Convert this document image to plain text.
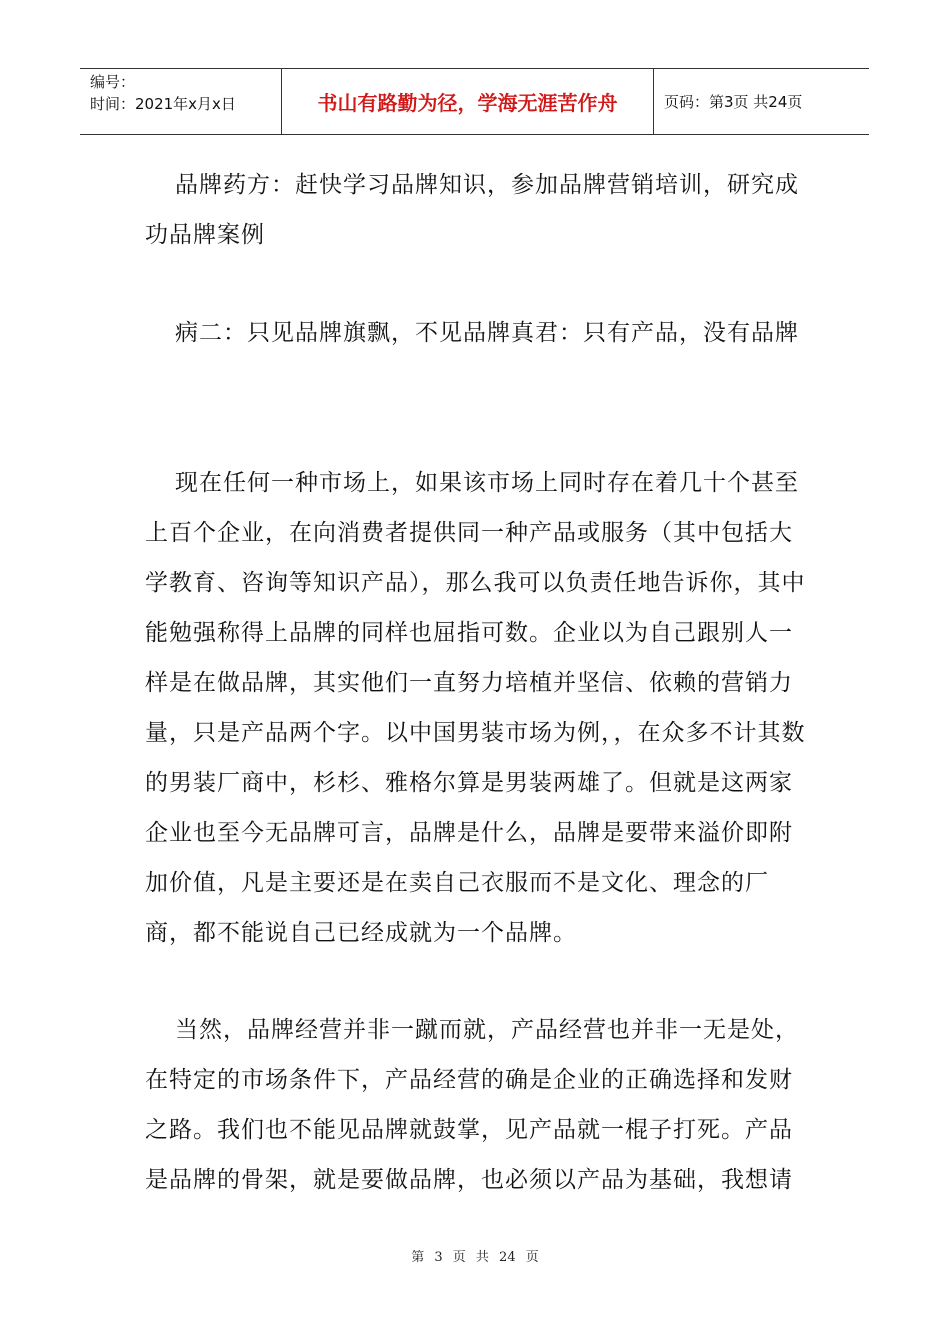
编号：
时间：2021年x月x日	书山有路勤为径，学海无涯苦作舟	页码：第3页 共24页

品牌药方：赶快学习品牌知识，参加品牌营销培训，研究成功品牌案例

病二：只见品牌旗飘，不见品牌真君：只有产品，没有品牌

现在任何一种市场上，如果该市场上同时存在着几十个甚至上百个企业，在向消费者提供同一种产品或服务（其中包括大学教育、咨询等知识产品），那么我可以负责任地告诉你，其中能勉强称得上品牌的同样也屈指可数。企业以为自己跟别人一样是在做品牌，其实他们一直努力培植并坚信、依赖的营销力量，只是产品两个字。以中国男装市场为例，，在众多不计其数的男装厂商中，杉杉、雅格尔算是男装两雄了。但就是这两家企业也至今无品牌可言，品牌是什么，品牌是要带来溢价即附加价值，凡是主要还是在卖自己衣服而不是文化、理念的厂商，都不能说自己已经成就为一个品牌。

当然，品牌经营并非一蹴而就，产品经营也并非一无是处，在特定的市场条件下，产品经营的确是企业的正确选择和发财之路。我们也不能见品牌就鼓掌，见产品就一棍子打死。产品是品牌的骨架，就是要做品牌，也必须以产品为基础，我想请

第 3 页 共 24 页
